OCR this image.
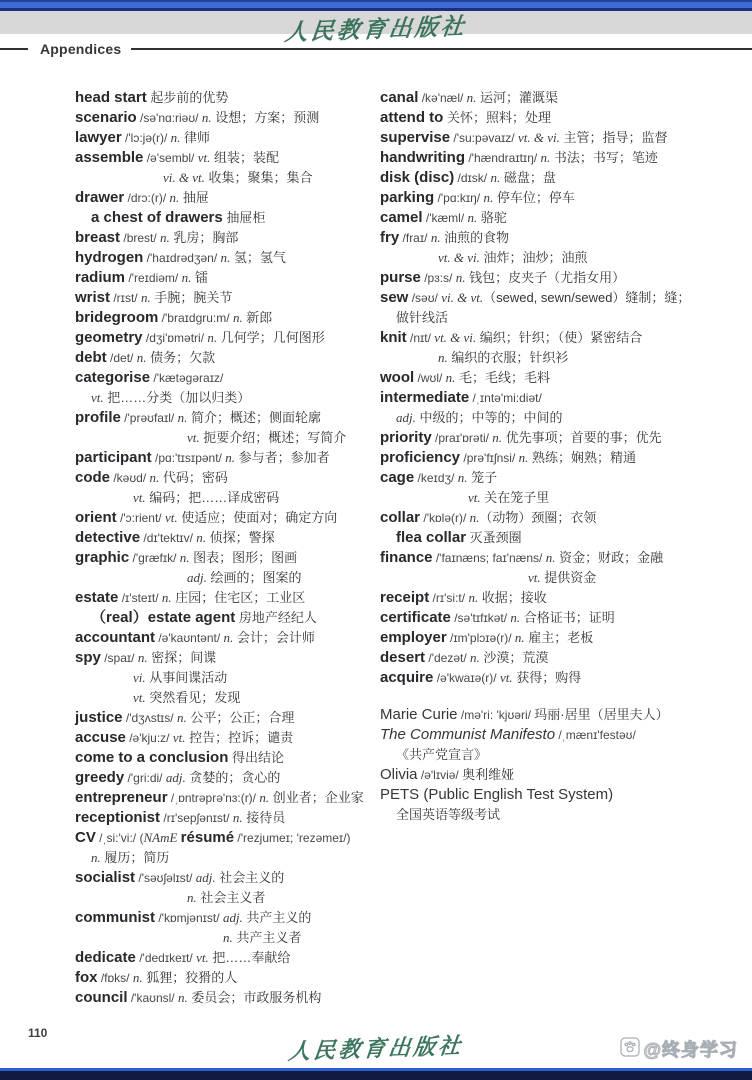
人民教育出版社
Appendices
head start 起步前的优势
scenario /sə'nɑ:riəʊ/ n. 设想；方案；预测
lawyer /'lɔ:jə(r)/ n. 律师
assemble /ə'sembl/ vt. 组装；装配
vi. & vt. 收集；聚集；集合
drawer /drɔ:(r)/ n. 抽屉
a chest of drawers 抽屉柜
breast /brest/ n. 乳房；胸部
hydrogen /'haɪdrədʒən/ n. 氢；氢气
radium /'reɪdiəm/ n. 镭
wrist /rɪst/ n. 手腕；腕关节
bridegroom /'braɪdgru:m/ n. 新郎
geometry /dʒi'ɒmətri/ n. 几何学；几何图形
debt /det/ n. 债务；欠款
categorise /'kætəgəraɪz/
vt. 把……分类（加以归类）
profile /'prəʊfaɪl/ n. 简介；概述；侧面轮廓
vt. 扼要介绍；概述；写简介
participant /pɑ:'tɪsɪpənt/ n. 参与者；参加者
code /kəʊd/ n. 代码；密码
vt. 编码；把……译成密码
orient /'ɔ:rient/ vt. 使适应；使面对；确定方向
detective /dɪ'tektɪv/ n. 侦探；警探
graphic /'græfɪk/ n. 图表；图形；图画
adj. 绘画的；图案的
estate /ɪ'steɪt/ n. 庄园；住宅区；工业区
（real）estate agent 房地产经纪人
accountant /ə'kaʊntənt/ n. 会计；会计师
spy /spaɪ/ n. 密探；间谍
vi. 从事间谍活动
vt. 突然看见；发现
justice /'dʒʌstɪs/ n. 公平；公正；合理
accuse /ə'kju:z/ vt. 控告；控诉；谴责
come to a conclusion 得出结论
greedy /'gri:di/ adj. 贪婪的；贪心的
entrepreneur /ˌɒntrəprə'nɜ:(r)/ n. 创业者；企业家
receptionist /rɪ'sepʃənɪst/ n. 接待员
CV /ˌsi:'vi:/ (NAmE résumé /'rezjumeɪ; 'rezəmeɪ/)
n. 履历；简历
socialist /'səʊʃəlɪst/ adj. 社会主义的
n. 社会主义者
communist /'kɒmjənɪst/ adj. 共产主义的
n. 共产主义者
dedicate /'dedɪkeɪt/ vt. 把……奉献给
fox /fɒks/ n. 狐狸；狡猾的人
council /'kaʊnsl/ n. 委员会；市政服务机构
canal /kə'næl/ n. 运河；灌溉渠
attend to 关怀；照料；处理
supervise /'su:pəvaɪz/ vt. & vi. 主管；指导；监督
handwriting /'hændraɪtɪŋ/ n. 书法；书写；笔迹
disk (disc) /dɪsk/ n. 磁盘；盘
parking /'pɑ:kɪŋ/ n. 停车位；停车
camel /'kæml/ n. 骆驼
fry /fraɪ/ n. 油煎的食物
vt. & vi. 油炸；油炒；油煎
purse /pɜ:s/ n. 钱包；皮夹子（尤指女用）
sew /səʊ/ vi. & vt.（sewed, sewn/sewed）缝制；缝；
做针线活
knit /nɪt/ vt. & vi. 编织；针织；（使）紧密结合
n. 编织的衣服；针织衫
wool /wʊl/ n. 毛；毛线；毛料
intermediate /ˌɪntə'mi:diət/
adj. 中级的；中等的；中间的
priority /praɪ'ɒrəti/ n. 优先事项；首要的事；优先
proficiency /prə'fɪʃnsi/ n. 熟练；娴熟；精通
cage /keɪdʒ/ n. 笼子
vt. 关在笼子里
collar /'kɒlə(r)/ n.（动物）颈圈；衣领
flea collar 灭蚤颈圈
finance /'faɪnæns; faɪ'næns/ n. 资金；财政；金融
vt. 提供资金
receipt /rɪ'si:t/ n. 收据；接收
certificate /sə'tɪfɪkət/ n. 合格证书；证明
employer /ɪm'plɔɪə(r)/ n. 雇主；老板
desert /'dezət/ n. 沙漠；荒漠
acquire /ə'kwaɪə(r)/ vt. 获得；购得
Marie Curie /mə'ri: 'kjʊəri/ 玛丽·居里（居里夫人）
The Communist Manifesto /ˌmænɪ'festəʊ/
《共产党宣言》
Olivia /ə'lɪviə/ 奥利维娅
PETS (Public English Test System)
全国英语等级考试
110	人民教育出版社	@终身学习
